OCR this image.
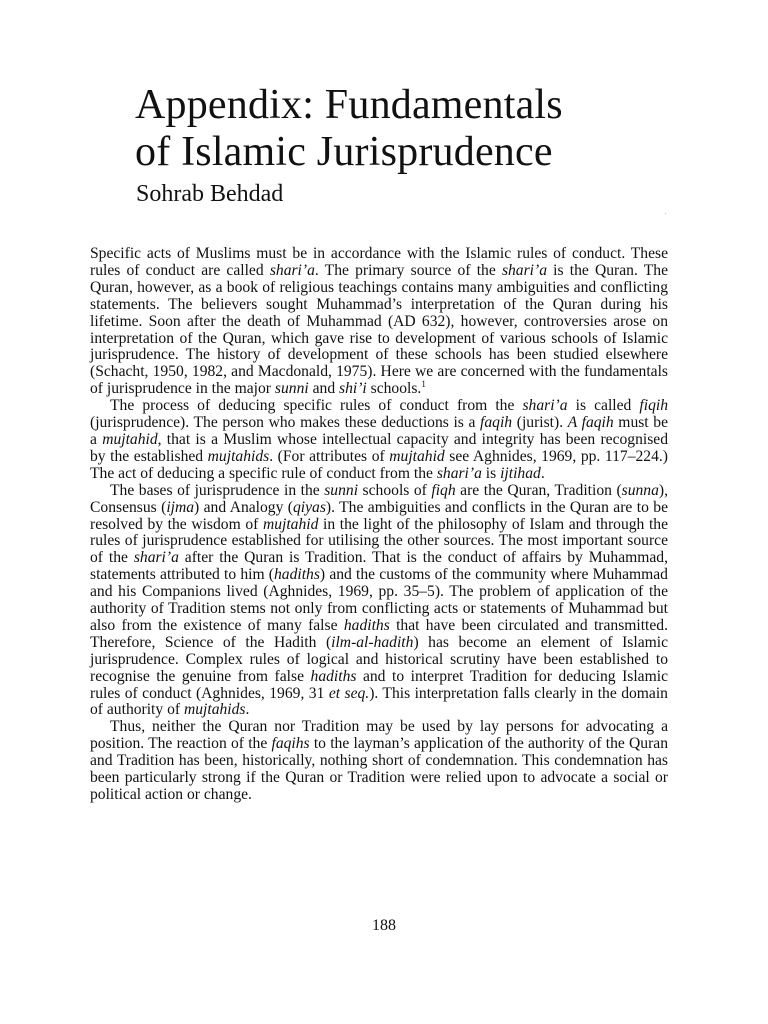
Appendix: Fundamentals
of Islamic Jurisprudence
Sohrab Behdad

Specific acts of Muslims must be in accordance with the Islamic rules of conduct. These rules of conduct are called shari’a. The primary source of the shari’a is the Quran. The Quran, however, as a book of religious teachings contains many ambiguities and conflicting statements. The believers sought Muhammad’s interpretation of the Quran during his lifetime. Soon after the death of Muhammad (AD 632), however, controversies arose on interpretation of the Quran, which gave rise to development of various schools of Islamic jurisprudence. The history of development of these schools has been studied elsewhere (Schacht, 1950, 1982, and Macdonald, 1975). Here we are concerned with the fundamentals of jurisprudence in the major sunni and shi’i schools.$^1$

The process of deducing specific rules of conduct from the shari’a is called fiqih (jurisprudence). The person who makes these deductions is a faqih (jurist). A faqih must be a mujtahid, that is a Muslim whose intellectual capacity and integrity has been recognised by the established mujtahids. (For attributes of mujtahid see Aghnides, 1969, pp. 117–224.) The act of deducing a specific rule of conduct from the shari’a is ijtihad.

The bases of jurisprudence in the sunni schools of fiqh are the Quran, Tradition (sunna), Consensus (ijma) and Analogy (qiyas). The ambiguities and conflicts in the Quran are to be resolved by the wisdom of mujtahid in the light of the philosophy of Islam and through the rules of jurisprudence established for utilising the other sources. The most important source of the shari’a after the Quran is Tradition. That is the conduct of affairs by Muhammad, statements attributed to him (hadiths) and the customs of the community where Muhammad and his Companions lived (Aghnides, 1969, pp. 35–5). The problem of application of the authority of Tradition stems not only from conflicting acts or statements of Muhammad but also from the existence of many false hadiths that have been circulated and transmitted. Therefore, Science of the Hadith (ilm-al-hadith) has become an element of Islamic jurisprudence. Complex rules of logical and historical scrutiny have been established to recognise the genuine from false hadiths and to interpret Tradition for deducing Islamic rules of conduct (Aghnides, 1969, 31 et seq.). This interpretation falls clearly in the domain of authority of mujtahids.

Thus, neither the Quran nor Tradition may be used by lay persons for advocating a position. The reaction of the faqihs to the layman’s application of the authority of the Quran and Tradition has been, historically, nothing short of condemnation. This condemnation has been particularly strong if the Quran or Tradition were relied upon to advocate a social or political action or change.

188
